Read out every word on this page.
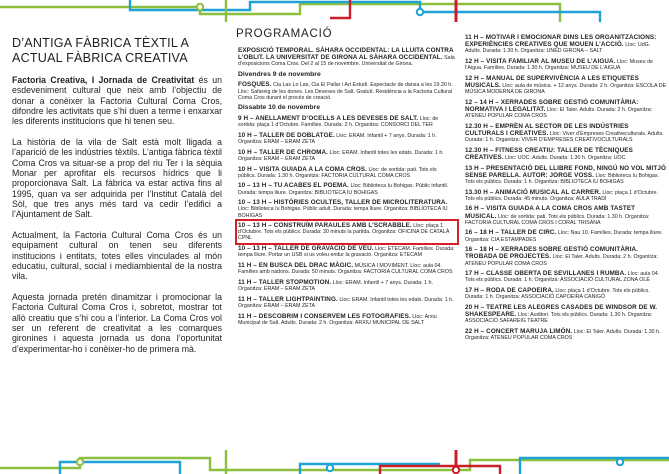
D’ANTIGA FÀBRICA TÈXTIL A ACTUAL FÀBRICA CREATIVA

Factoria Creativa, I Jornada de Creativitat és un esdeveniment cultural que neix amb l’objectiu de donar a conèixer la Factoria Cultural Coma Cros, difondre les activitats que s’hi duen a terme i enxarxar les diferents institucions que hi tenen seu.

La història de la vila de Salt està molt lligada a l’aparició de les indústries tèxtils. L’antiga fàbrica tèxtil Coma Cros va situar-se a prop del riu Ter i la sèquia Monar per aprofitar els recursos hídrics que li proporcionava Salt. La fàbrica va estar activa fins al 1995, quan va ser adquirida per l’Institut Català del Sòl, que tres anys més tard va cedir l’edifici a l’Ajuntament de Salt.

Actualment, la Factoria Cultural Coma Cros és un equipament cultural on tenen seu diferents institucions i entitats, totes elles vinculades al món educatiu, cultural, social i mediambiental de la nostra vila.

Aquesta jornada pretén dinamitzar i promocionar la Factoria Cultural Coma Cros i, sobretot, mostrar tot allò creatiu que s’hi cou a l’interior. La Coma Cros vol ser un referent de creativitat a les comarques gironines i aquesta jornada us dona l’oportunitat d’experimentar-ho i conèixer-ho de primera mà.

PROGRAMACIÓ
EXPOSICIÓ TEMPORAL. SÀHARA OCCIDENTAL: LA LLUITA CONTRA L’OBLIT. LA UNIVERSITAT DE GIRONA AL SÀHARA OCCIDENTAL. Sala d’exposicions Coma Cros. Del 2 al 15 de novembre. Universitat de Girona.
Divendres 9 de novembre
FOSQUES. Cia Las Lo Las, Cia El Pallar i Art Estudi. Espectacle de dansa a les 19.30 h. Lloc: Safareig de les dones. Les Deveses de Salt. Gratuït. Residència a la Factoria Cultural Coma Cros durant el procés de creació.
Dissabte 10 de novembre
9 H – ANELLAMENT D’OCELLS A LES DEVESES DE SALT. Lloc: de sortida: plaça 1 d’Octubre. Famílies. Durada: 2 h. Organitza: CONSORCI DEL TER
10 H – TALLER DE DOBLATGE. Lloc: ERAM. Infantil + 7 anys. Durada: 1 h. Organitza: ERAM – ERAM ZETA
10 H – TALLER DE CHROMA. Lloc: ERAM. Infantil totes les edats. Durada: 1 h. Organitza: ERAM – ERAM ZETA
10 H – VISITA GUIADA A LA COMA CROS. Lloc: de sortida: pati. Tots els públics. Durada: 1.30 h. Organitza: FACTORIA CULTURAL COMA CROS
10 – 13 H – TU ACABES EL POEMA. Lloc: Biblioteca Iu Bohigas. Públic infantil. Durada: tempa lliure. Organitza: BIBLIOTECA IU BOHIGAS
10 – 13 H – HISTÒRIES OCULTES, TALLER DE MICROLITERATURA. Lloc: Biblioteca Iu Bohigas. Públic adult. Durada: tempa lliure. Organitza: BIBLIOTECA IU BOHIGAS
10 – 13 H – CONSTRUÏM PARAULES AMB L’SCRABBLE. Lloc: plaça 1 d’Octubre. Tots els públics. Durada: 30 minuts la partida. Organitza: OFICINA DE CATALÀ CPNL
10 – 13 H – TALLER DE GRAVACIÓ DE VEU. Lloc: ETECAM. Famílies. Durada: tempa lliure. Portar un USB si us voleu endur la gravació. Organitza: ETECAM
11 H – EN BUSCA DEL DRAC MÀGIC. MÚSICA I MOVIMENT. Lloc: aula 04. Famílies amb nadons. Durada: 50 minuts. Organitza: FACTORIA CULTURAL COMA CROS
11 H – TALLER STOPMOTION. Lloc: ERAM. Infantil + 7 anys. Durada: 1 h. Organitza: ERAM – ERAM ZETA
11 H – TALLER LIGHTPAINTING. Lloc: ERAM. Infantil totes les edats. Durada: 1 h. Organitza: ERAM – ERAM ZETA
11 H – DESCOBRIM I CONSERVEM LES FOTOGRAFIES. Lloc: Arxiu Municipal de Salt. Adults. Durada: 2 h. Organitza: ARXIU MUNICIPAL DE SALT
11 H – MOTIVAR I EMOCIONAR DINS LES ORGANITZACIONS: EXPERIÈNCIES CREATIVES QUE MOUEN L’ACCIÓ. Lloc: UdG. Adults. Durada: 1.30 h. Organitza: UNED GIRONA – SALT
12 H – VISITA FAMILIAR AL MUSEU DE L’AIGUA. Lloc: Museu de l’Aigua. Famílies. Durada: 1.30 h. Organitza: MUSEU DE L’AIGUA
12 H – MANUAL DE SUPERVIVÈNCIA A LES ETIQUETES MUSICALS. Lloc: aula de música. + 12 anys. Durada: 2 h. Organitza: ESCOLA DE MÚSICA MODERNA DE GIRONA
12 – 14 H – XERRADES SOBRE GESTIÓ COMUNITÀRIA: NORMATIVA I LEGALITAT. Lloc: El Taler. Adults. Durada: 2 h. Organitza: ATENEU POPULAR COMA CROS
12.30 H – EMPRÈN AL SECTOR DE LES INDÚSTRIES CULTURALS I CREATIVES. Lloc: Viver d’Empreses Creativeculturals. Adults. Durada: 1 h. Organitza: VIVER D’EMPRESES CREATIVOCULTURALS
12.30 H – FITNESS CREATIU: TALLER DE TÈCNIQUES CREATIVES. Lloc: UOC. Adults. Durada: 1.30 h. Organitza: UOC
13 H – PRESENTACIÓ DEL LLIBRE FOND, NINGÚ NO VOL MITJÓ SENSE PARELLA. AUTOR: JORGE VOSS. Lloc: Biblioteca Iu Bohigas. Tots els públics. Durada: 1 h. Organitza: BIBLIOTECA IU BOHIGAS
13.30 H – ANIMACIÓ MUSICAL AL CARRER. Lloc: plaça 1 d’Octubre. Tots els públics. Durada: 45 minuts. Organitza: AULA TRADI
16 H – VISITA GUIADA A LA COMA CROS AMB TASTET MUSICAL. Lloc: de sortida: pati. Tots els públics. Durada: 1.30 h. Organitza: FACTORIA CULTURAL COMA CROS I CORAL TRISANA
16 – 18 H – TALLER DE CIRC. Lloc: Nau 10. Famílies. Durada: tempa lliure. Organitza: CIA ESTAMPADES
16 – 18 H – XERRADES SOBRE GESTIÓ COMUNITÀRIA. TROBADA DE PROJECTES. Lloc: El Taler. Adults. Durada: 2 h. Organitza: ATENEU POPULAR COMA CROS
17 H – CLASSE OBERTA DE SEVILLANES I RUMBA. Lloc: aula 04. Tots els públics. Durada: 1 h. Organitza: ASSOCIACIÓ CULTURAL ZONA OLÉ
17 H – RODA DE CAPOEIRA. Lloc: plaça 1 d’Octubre. Tots els públics. Durada: 1 h. Organitza: ASSOCIACIÓ CAPOEIRA CANIGÓ
20 H – TEATRE LES ALEGRES CASADES DE WINDSOR DE W. SHAKESPEARE. Lloc: Auditori. Tots els públics. Durada: 1.30 h. Organitza: ASSOCIACIÓ SAFAREIG TEATRE
22 H – CONCERT MARUJA LIMÓN. Lloc: El Taler. Adults. Durada: 1.30 h. Organitza: ATENEU POPULAR COMA CROS
